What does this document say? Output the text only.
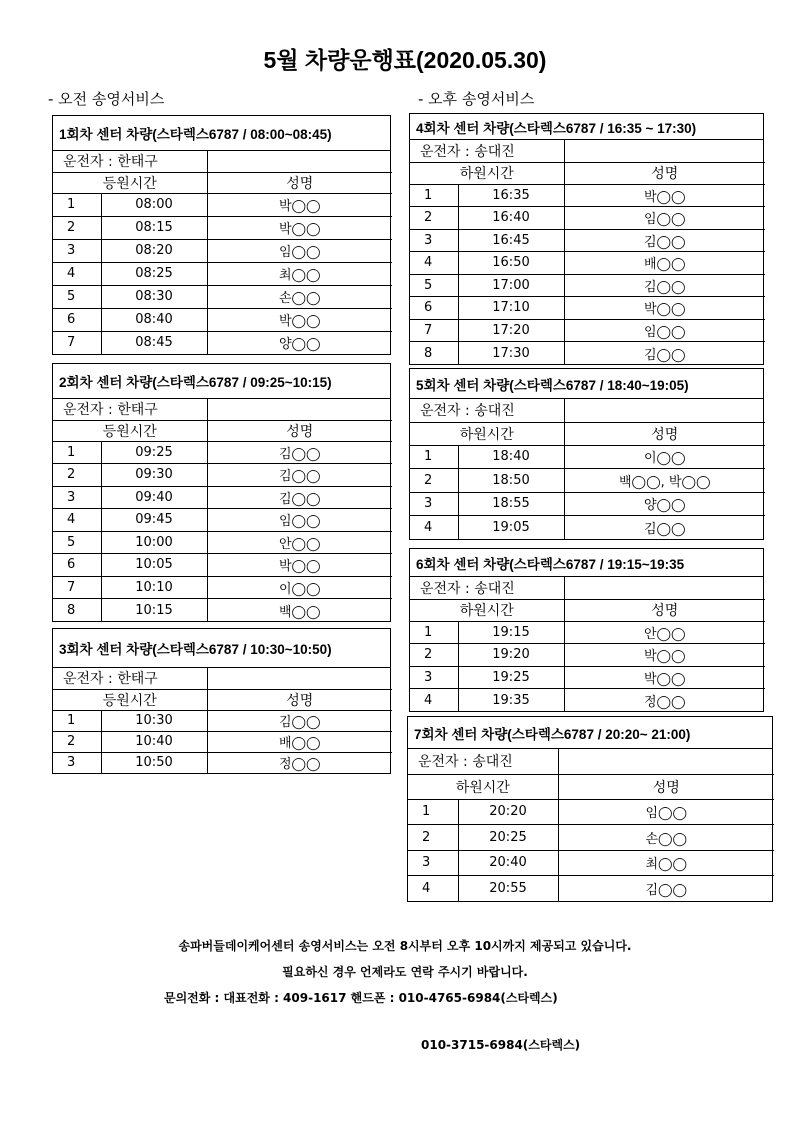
5월 차량운행표(2020.05.30)
- 오전 송영서비스	- 오후 송영서비스
1회차 센터 차량(스타렉스6787 / 08:00~08:45)
운전자 : 한태구		
등원시간		성명
1	08:00	박◯◯
2	08:15	박◯◯
3	08:20	임◯◯
4	08:25	최◯◯
5	08:30	손◯◯
6	08:40	박◯◯
7	08:45	양◯◯
2회차 센터 차량(스타렉스6787 / 09:25~10:15)
운전자 : 한태구		
등원시간		성명
1	09:25	김◯◯
2	09:30	김◯◯
3	09:40	김◯◯
4	09:45	임◯◯
5	10:00	안◯◯
6	10:05	박◯◯
7	10:10	이◯◯
8	10:15	백◯◯
3회차 센터 차량(스타렉스6787 / 10:30~10:50)
운전자 : 한태구		
등원시간		성명
1	10:30	김◯◯
2	10:40	배◯◯
3	10:50	정◯◯
4회차 센터 차량(스타렉스6787 / 16:35 ~ 17:30)
운전자 : 송대진		
하원시간		성명
1	16:35	박◯◯
2	16:40	임◯◯
3	16:45	김◯◯
4	16:50	배◯◯
5	17:00	김◯◯
6	17:10	박◯◯
7	17:20	임◯◯
8	17:30	김◯◯
5회차 센터 차량(스타렉스6787 / 18:40~19:05)
운전자 : 송대진		
하원시간		성명
1	18:40	이◯◯
2	18:50	백◯◯, 박◯◯
3	18:55	양◯◯
4	19:05	김◯◯
6회차 센터 차량(스타렉스6787 / 19:15~19:35
운전자 : 송대진		
하원시간		성명
1	19:15	안◯◯
2	19:20	박◯◯
3	19:25	박◯◯
4	19:35	정◯◯
7회차 센터 차량(스타렉스6787 / 20:20~ 21:00)
운전자 : 송대진		
하원시간		성명
1	20:20	임◯◯
2	20:25	손◯◯
3	20:40	최◯◯
4	20:55	김◯◯
송파버들데이케어센터 송영서비스는 오전 8시부터 오후 10시까지 제공되고 있습니다.
필요하신 경우 언제라도 연락 주시기 바랍니다.
문의전화 : 대표전화 : 409-1617 핸드폰 : 010-4765-6984(스타렉스)
010-3715-6984(스타렉스)
